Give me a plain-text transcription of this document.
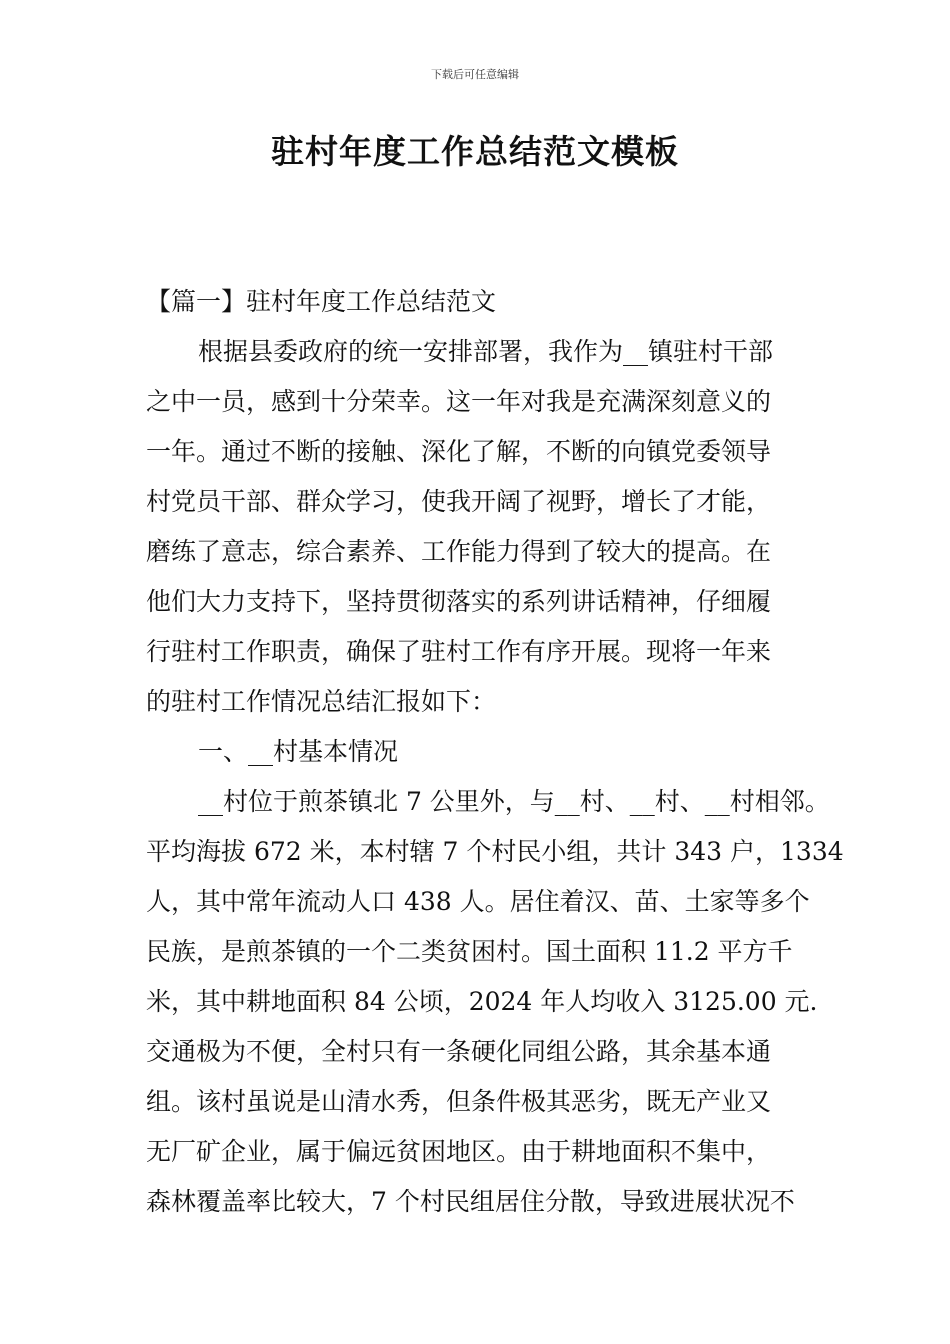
下载后可任意编辑
驻村年度工作总结范文模板
【篇一】驻村年度工作总结范文
根据县委政府的统一安排部署，我作为__镇驻村干部
之中一员，感到十分荣幸。这一年对我是充满深刻意义的
一年。通过不断的接触、深化了解，不断的向镇党委领导
村党员干部、群众学习，使我开阔了视野，增长了才能，
磨练了意志，综合素养、工作能力得到了较大的提高。在
他们大力支持下，坚持贯彻落实的系列讲话精神，仔细履
行驻村工作职责，确保了驻村工作有序开展。现将一年来
的驻村工作情况总结汇报如下：
一、__村基本情况
__村位于煎茶镇北 7 公里外，与__村、__村、__村相邻。
平均海拔 672 米，本村辖 7 个村民小组，共计 343 户，1334
人，其中常年流动人口 438 人。居住着汉、苗、土家等多个
民族，是煎茶镇的一个二类贫困村。国土面积 11.2 平方千
米，其中耕地面积 84 公顷，2024 年人均收入 3125.00 元.
交通极为不便，全村只有一条硬化同组公路，其余基本通
组。该村虽说是山清水秀，但条件极其恶劣，既无产业又
无厂矿企业，属于偏远贫困地区。由于耕地面积不集中，
森林覆盖率比较大，7 个村民组居住分散，导致进展状况不
